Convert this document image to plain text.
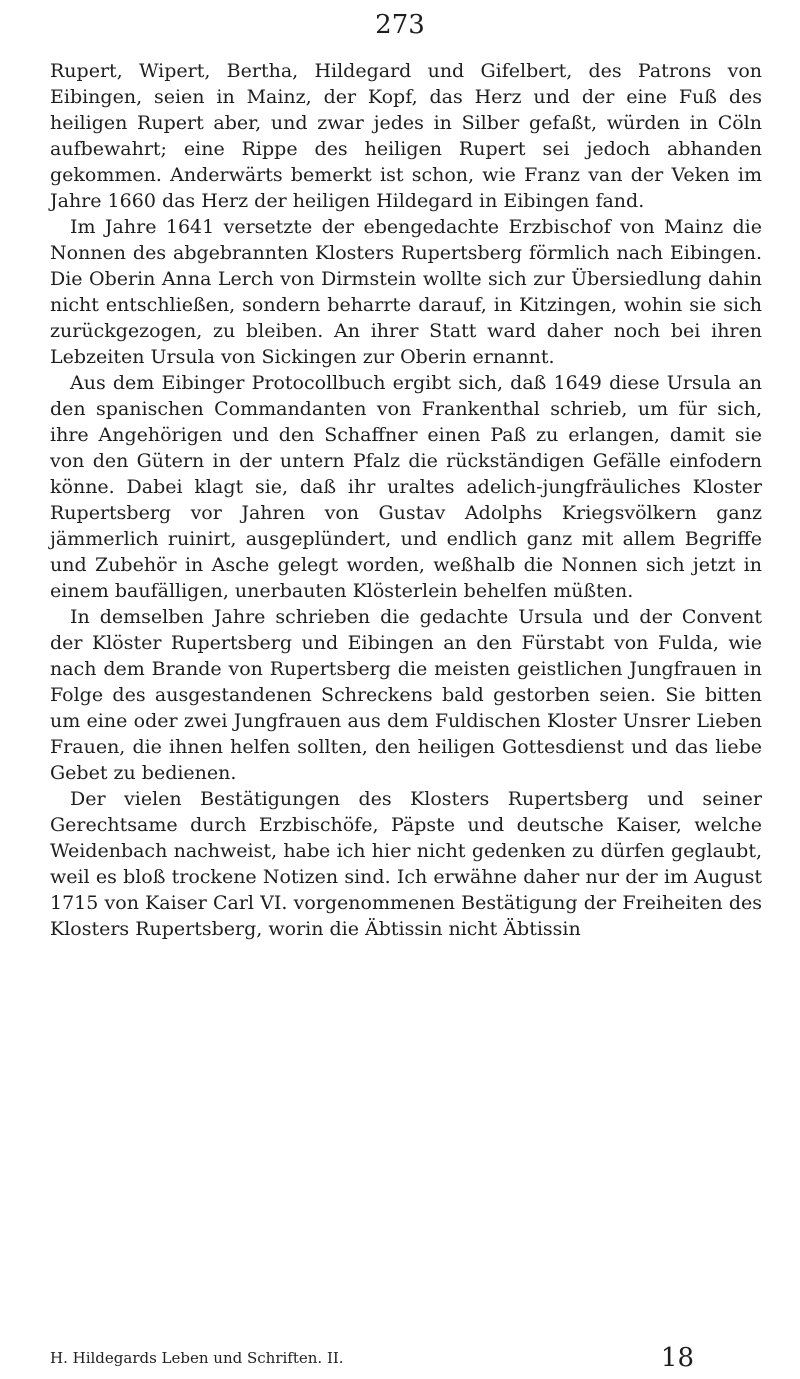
273

Rupert, Wipert, Bertha, Hildegard und Gifelbert, des Patrons von Eibingen, seien in Mainz, der Kopf, das Herz und der eine Fuß des heiligen Rupert aber, und zwar jedes in Silber gefaßt, würden in Cöln aufbewahrt; eine Rippe des heiligen Rupert sei jedoch abhanden gekommen. Anderwärts bemerkt ist schon, wie Franz van der Veken im Jahre 1660 das Herz der heiligen Hildegard in Eibingen fand.

Im Jahre 1641 versetzte der ebengedachte Erzbischof von Mainz die Nonnen des abgebrannten Klosters Rupertsberg förmlich nach Eibingen. Die Oberin Anna Lerch von Dirmstein wollte sich zur Übersiedlung dahin nicht entschließen, sondern beharrte darauf, in Kitzingen, wohin sie sich zurückgezogen, zu bleiben. An ihrer Statt ward daher noch bei ihren Lebzeiten Ursula von Sickingen zur Oberin ernannt.

Aus dem Eibinger Protocollbuch ergibt sich, daß 1649 diese Ursula an den spanischen Commandanten von Frankenthal schrieb, um für sich, ihre Angehörigen und den Schaffner einen Paß zu erlangen, damit sie von den Gütern in der untern Pfalz die rückständigen Gefälle einfodern könne. Dabei klagt sie, daß ihr uraltes adelich-jungfräuliches Kloster Rupertsberg vor Jahren von Gustav Adolphs Kriegsvölkern ganz jämmerlich ruinirt, ausgeplündert, und endlich ganz mit allem Begriffe und Zubehör in Asche gelegt worden, weßhalb die Nonnen sich jetzt in einem baufälligen, unerbauten Klösterlein behelfen müßten.

In demselben Jahre schrieben die gedachte Ursula und der Convent der Klöster Rupertsberg und Eibingen an den Fürstabt von Fulda, wie nach dem Brande von Rupertsberg die meisten geistlichen Jungfrauen in Folge des ausgestandenen Schreckens bald gestorben seien. Sie bitten um eine oder zwei Jungfrauen aus dem Fuldischen Kloster Unsrer Lieben Frauen, die ihnen helfen sollten, den heiligen Gottesdienst und das liebe Gebet zu bedienen.

Der vielen Bestätigungen des Klosters Rupertsberg und seiner Gerechtsame durch Erzbischöfe, Päpste und deutsche Kaiser, welche Weidenbach nachweist, habe ich hier nicht gedenken zu dürfen geglaubt, weil es bloß trockene Notizen sind. Ich erwähne daher nur der im August 1715 von Kaiser Carl VI. vorgenommenen Bestätigung der Freiheiten des Klosters Rupertsberg, worin die Äbtissin nicht Äbtissin

H. Hildegards Leben und Schriften. II.	18
